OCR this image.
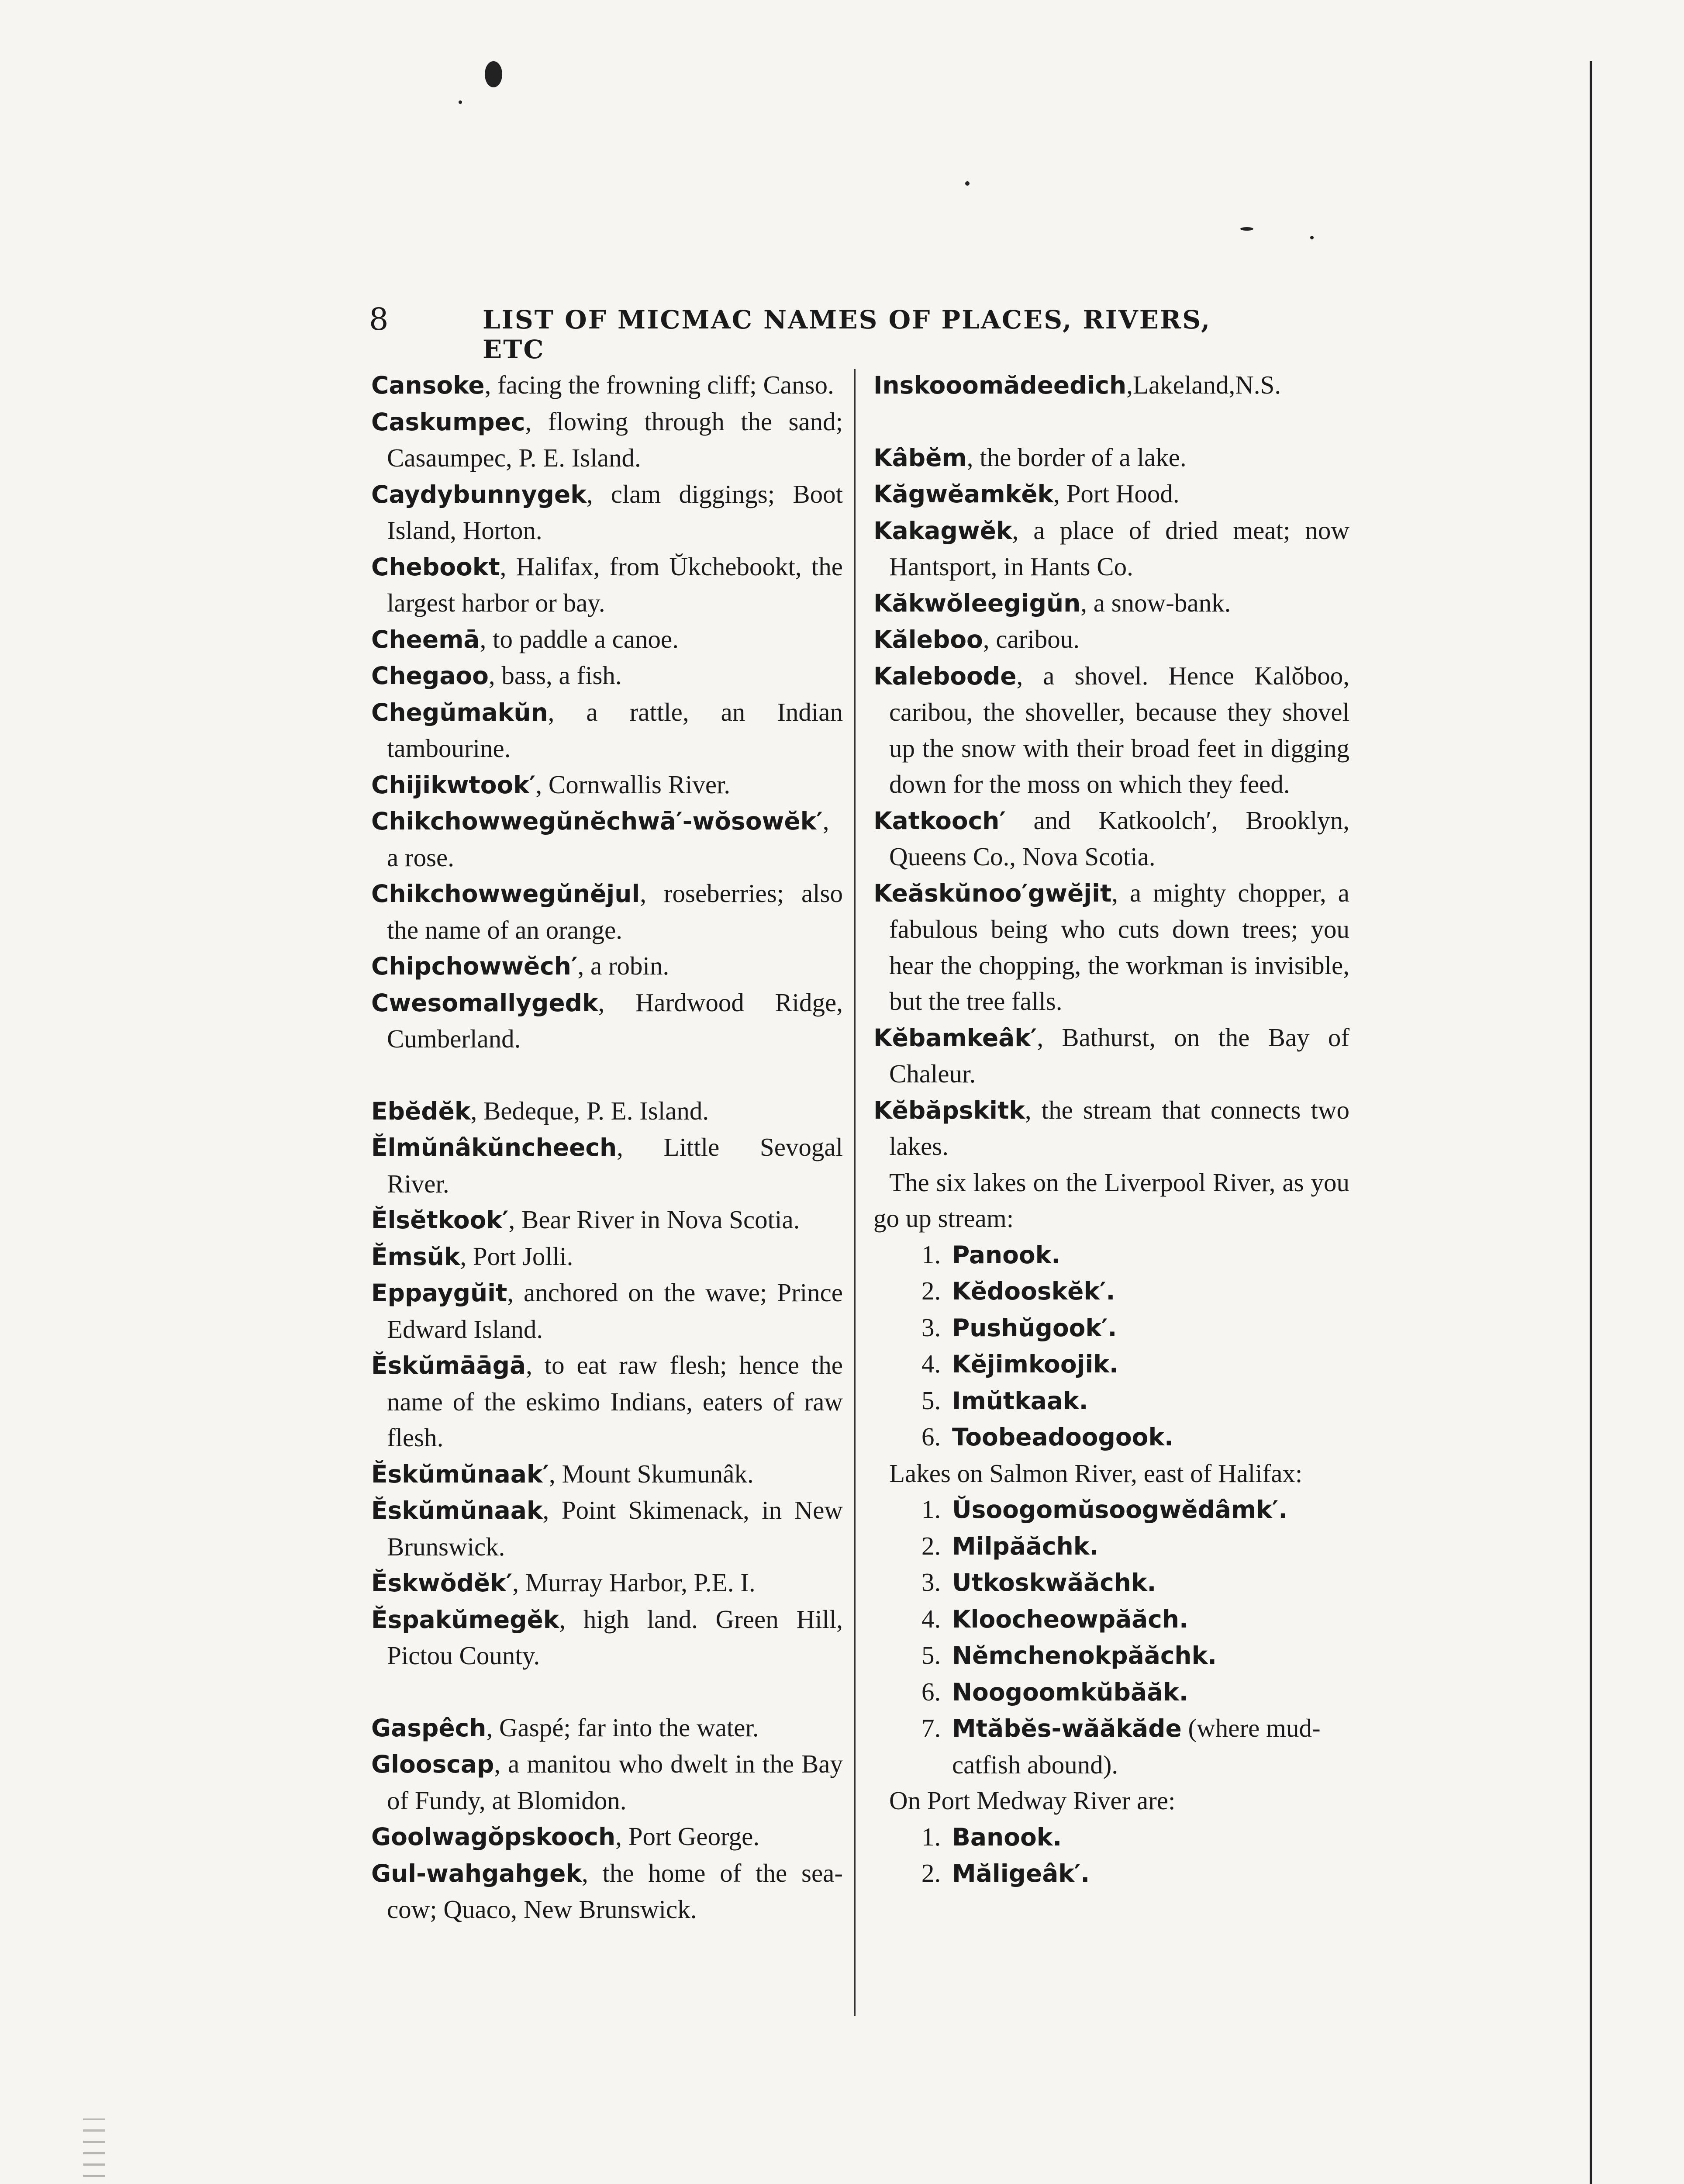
8	LIST OF MICMAC NAMES OF PLACES, RIVERS, ETC
Cansoke, facing the frowning cliff; Canso.
Caskumpec, flowing through the sand; Casaumpec, P. E. Island.
Caydybunnygek, clam diggings; Boot Island, Horton.
Chebookt, Halifax, from Ŭkchebookt, the largest harbor or bay.
Cheemā, to paddle a canoe.
Chegaoo, bass, a fish.
Chegŭmakŭn, a rattle, an Indian tambourine.
Chijikwtook′, Cornwallis River.
Chikchowwegŭnĕchwā′-wŏsowĕk′, a rose.
Chikchowwegŭnĕjul, roseberries; also the name of an orange.
Chipchowwĕch′, a robin.
Cwesomallygedk, Hardwood Ridge, Cumberland.
Ebĕdĕk, Bedeque, P. E. Island.
Ĕlmŭnâkŭncheech, Little Sevogal River.
Ĕlsĕtkook′, Bear River in Nova Scotia.
Ĕmsŭk, Port Jolli.
Eppaygŭit, anchored on the wave; Prince Edward Island.
Ĕskŭmāāgā, to eat raw flesh; hence the name of the eskimo Indians, eaters of raw flesh.
Ĕskŭmŭnaak′, Mount Skumunâk.
Ĕskŭmŭnaak, Point Skimenack, in New Brunswick.
Ĕskwŏdĕk′, Murray Harbor, P.E. I.
Ĕspakŭmegĕk, high land. Green Hill, Pictou County.
Gaspêch, Gaspé; far into the water.
Glooscap, a manitou who dwelt in the Bay of Fundy, at Blomidon.
Goolwagŏpskooch, Port George.
Gul-wahgahgek, the home of the sea-cow; Quaco, New Brunswick.
Inskooomădeedich,Lakeland,N.S.
Kâbĕm, the border of a lake.
Kăgwĕamkĕk, Port Hood.
Kakagwĕk, a place of dried meat; now Hantsport, in Hants Co.
Kăkwŏleegigŭn, a snow-bank.
Kăleboo, caribou.
Kaleboode, a shovel. Hence Kalŏboo, caribou, the shoveller, because they shovel up the snow with their broad feet in digging down for the moss on which they feed.
Katkooch′ and Katkoolch′, Brooklyn, Queens Co., Nova Scotia.
Keăskŭnoo′gwĕjit, a mighty chopper, a fabulous being who cuts down trees; you hear the chopping, the workman is invisible, but the tree falls.
Kĕbamkeâk′, Bathurst, on the Bay of Chaleur.
Kĕbăpskitk, the stream that connects two lakes.
The six lakes on the Liverpool River, as you go up stream:
1. Panook.
2. Kĕdooskĕk′.
3. Pushŭgook′.
4. Kĕjimkoojik.
5. Imŭtkaak.
6. Toobeadoogook.
Lakes on Salmon River, east of Halifax:
1. Ŭsoogomŭsoogwĕdâmk′.
2. Milpăăchk.
3. Utkoskwăăchk.
4. Kloocheowpăăch.
5. Nĕmchenokpăăchk.
6. Noogoomkŭbăăk.
7. Mtăbĕs-wăăkăde (where mud-catfish abound).
On Port Medway River are:
1. Banook.
2. Măligeâk′.
